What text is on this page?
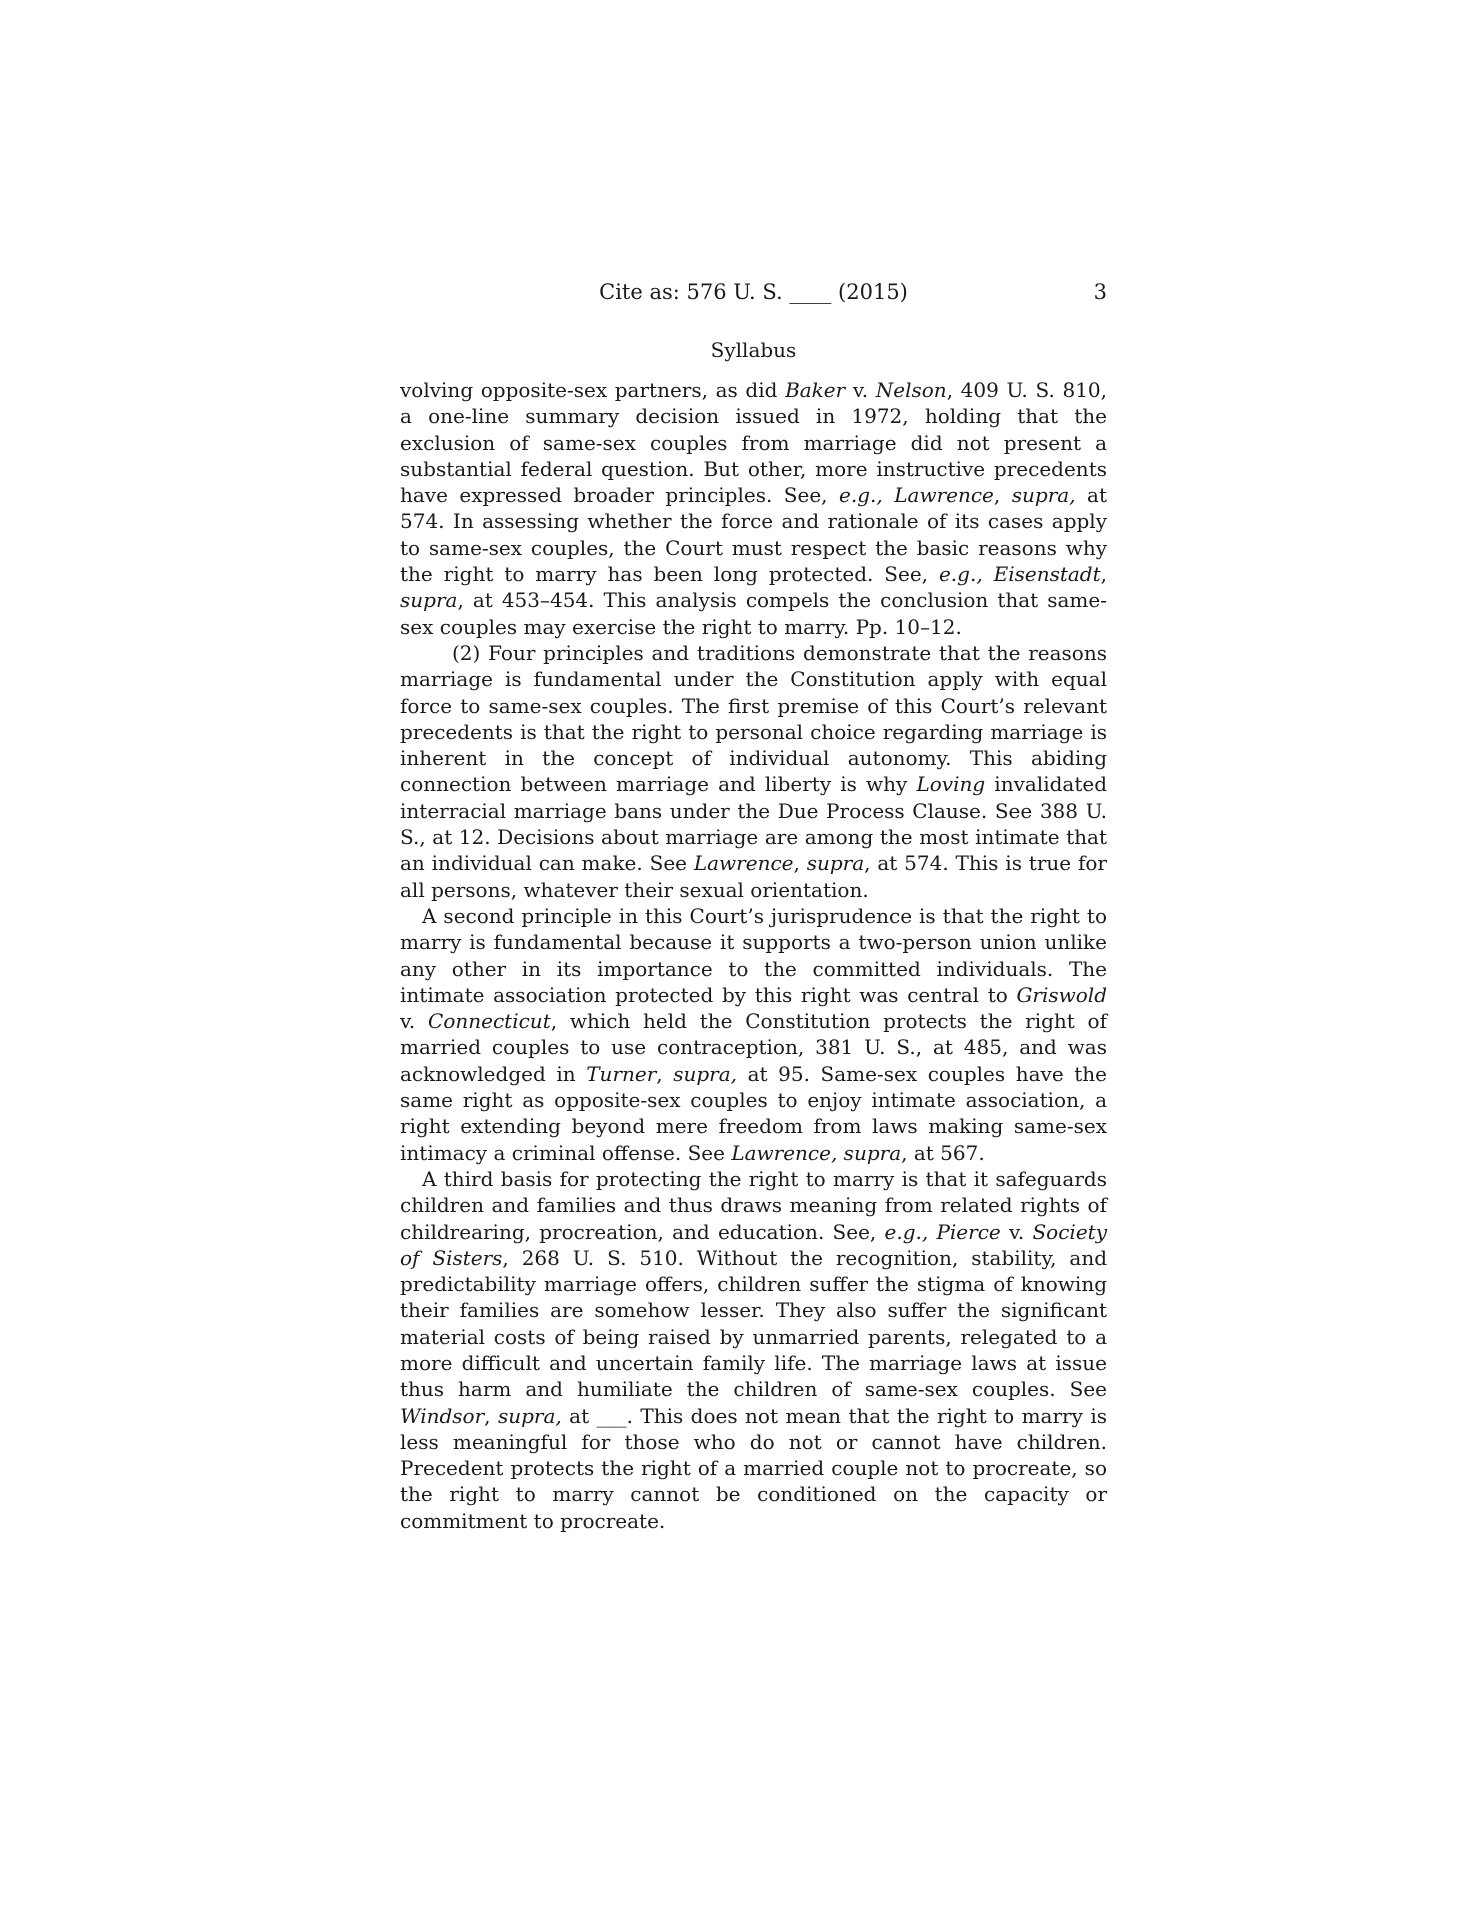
Cite as: 576 U. S. ____ (2015)	3
Syllabus

volving opposite-sex partners, as did Baker v. Nelson, 409 U. S. 810, a one-line summary decision issued in 1972, holding that the exclusion of same-sex couples from marriage did not present a substantial federal question. But other, more instructive precedents have expressed broader principles. See, e.g., Lawrence, supra, at 574. In assessing whether the force and rationale of its cases apply to same-sex couples, the Court must respect the basic reasons why the right to marry has been long protected. See, e.g., Eisenstadt, supra, at 453–454. This analysis compels the conclusion that same-sex couples may exercise the right to marry. Pp. 10–12.

(2) Four principles and traditions demonstrate that the reasons marriage is fundamental under the Constitution apply with equal force to same-sex couples. The first premise of this Court’s relevant precedents is that the right to personal choice regarding marriage is inherent in the concept of individual autonomy. This abiding connection between marriage and liberty is why Loving invalidated interracial marriage bans under the Due Process Clause. See 388 U. S., at 12. Decisions about marriage are among the most intimate that an individual can make. See Lawrence, supra, at 574. This is true for all persons, whatever their sexual orientation.

A second principle in this Court’s jurisprudence is that the right to marry is fundamental because it supports a two-person union unlike any other in its importance to the committed individuals. The intimate association protected by this right was central to Griswold v. Connecticut, which held the Constitution protects the right of married couples to use contraception, 381 U. S., at 485, and was acknowledged in Turner, supra, at 95. Same-sex couples have the same right as opposite-sex couples to enjoy intimate association, a right extending beyond mere freedom from laws making same-sex intimacy a criminal offense. See Lawrence, supra, at 567.

A third basis for protecting the right to marry is that it safeguards children and families and thus draws meaning from related rights of childrearing, procreation, and education. See, e.g., Pierce v. Society of Sisters, 268 U. S. 510. Without the recognition, stability, and predictability marriage offers, children suffer the stigma of knowing their families are somehow lesser. They also suffer the significant material costs of being raised by unmarried parents, relegated to a more difficult and uncertain family life. The marriage laws at issue thus harm and humiliate the children of same-sex couples. See Windsor, supra, at ___. This does not mean that the right to marry is less meaningful for those who do not or cannot have children. Precedent protects the right of a married couple not to procreate, so the right to marry cannot be conditioned on the capacity or commitment to procreate.
